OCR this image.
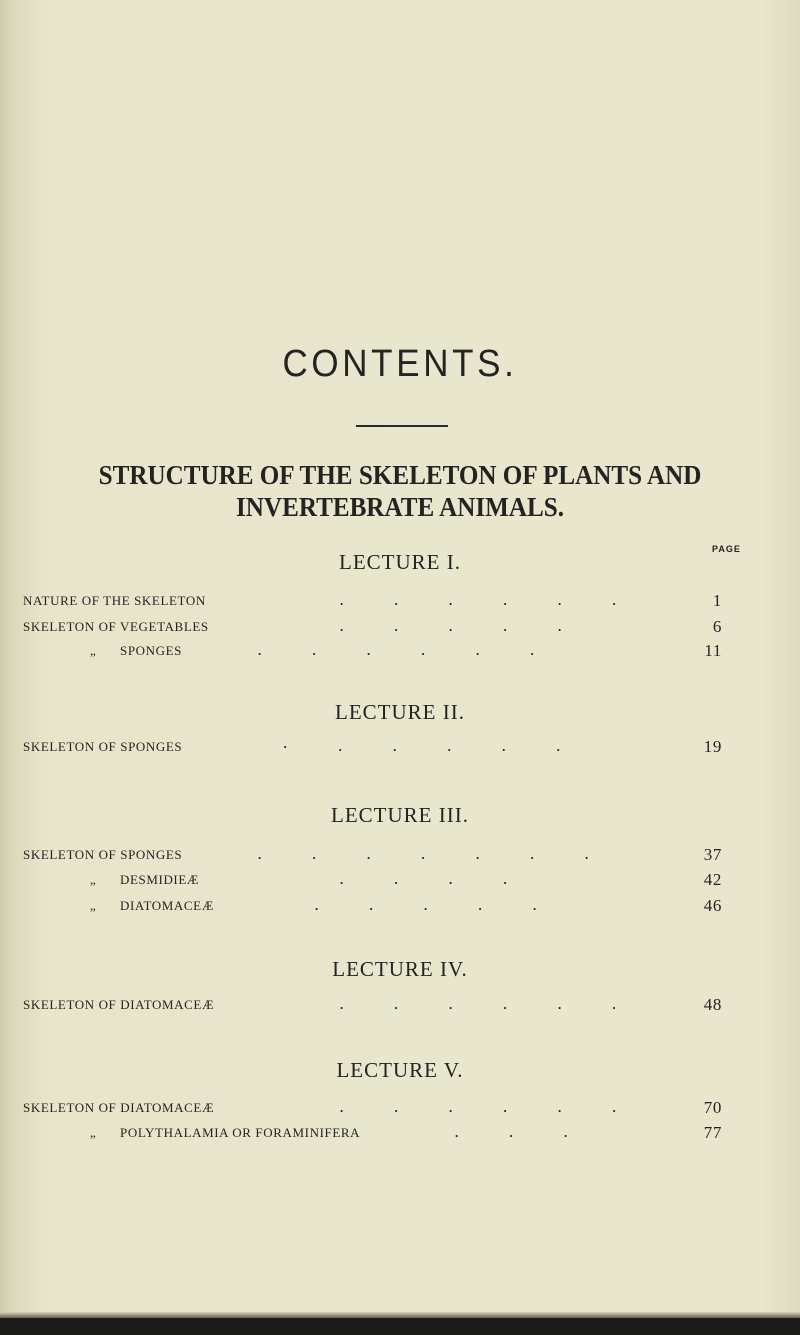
CONTENTS.
STRUCTURE OF THE SKELETON OF PLANTS AND
INVERTEBRATE ANIMALS.
PAGE
LECTURE I.
NATURE OF THE SKELETON	. . . . . .	1
SKELETON OF VEGETABLES	. . . . .	6
„ SPONGES	. . . . . .	11
LECTURE II.
SKELETON OF SPONGES	· . . . . .	19
LECTURE III.
SKELETON OF SPONGES	. . . . . . .	37
„ DESMIDIEÆ	. . . .	42
„ DIATOMACEÆ	. . . . .	46
LECTURE IV.
SKELETON OF DIATOMACEÆ	. . . . . .	48
LECTURE V.
SKELETON OF DIATOMACEÆ	. . . . . .	70
„ POLYTHALAMIA OR FORAMINIFERA	. . .	77
